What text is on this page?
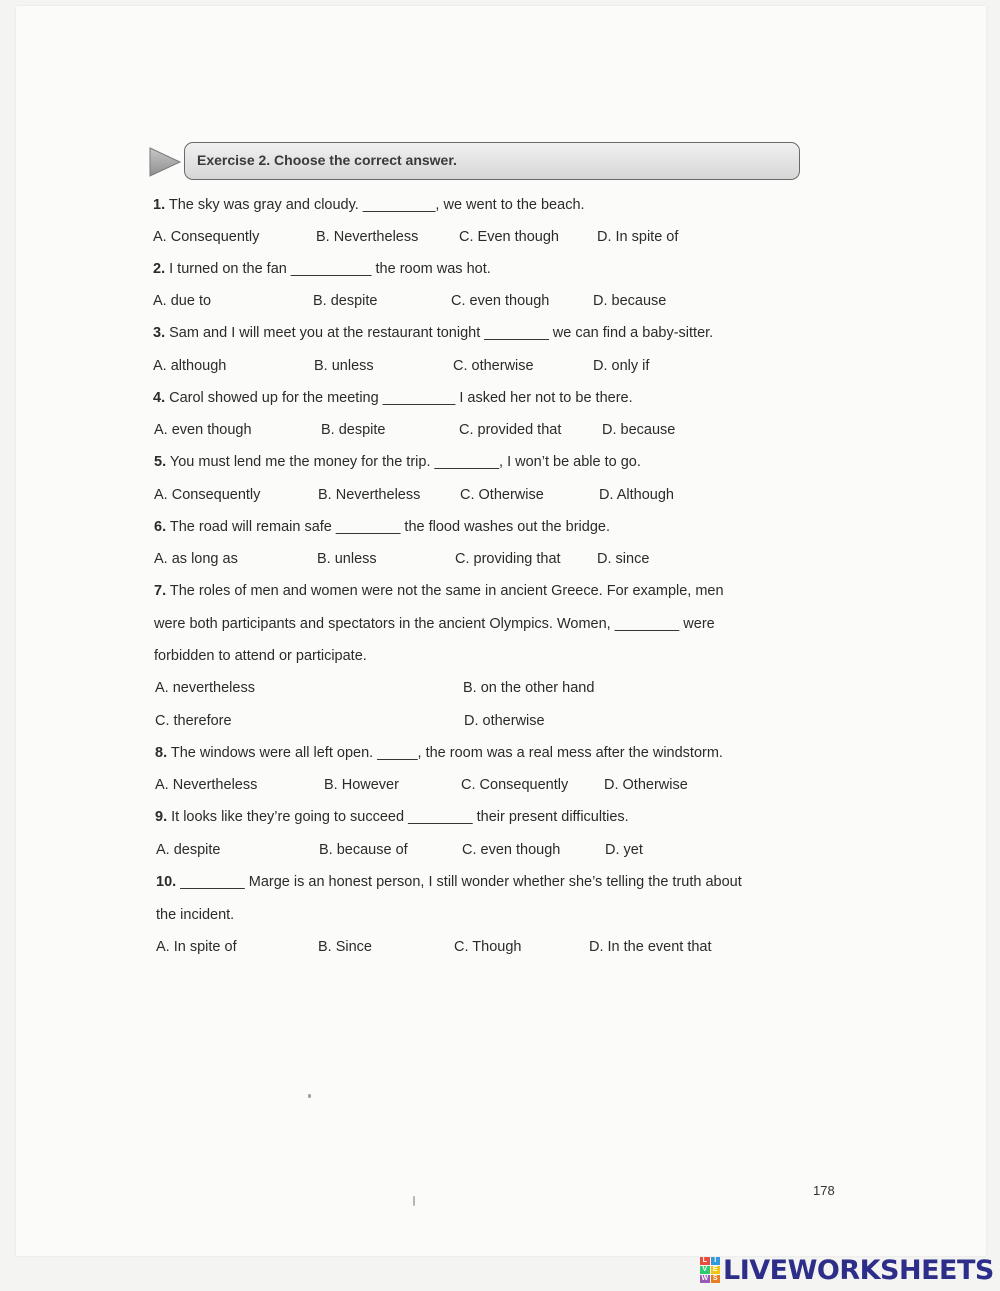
Exercise 2. Choose the correct answer.
1. The sky was gray and cloudy. _________, we went to the beach.
A. Consequently	B. Nevertheless	C. Even though	D. In spite of
2. I turned on the fan __________ the room was hot.
A. due to	B. despite	C. even though	D. because
3. Sam and I will meet you at the restaurant tonight ________ we can find a baby-sitter.
A. although	B. unless	C. otherwise	D. only if
4. Carol showed up for the meeting _________ I asked her not to be there.
A. even though	B. despite	C. provided that	D. because
5. You must lend me the money for the trip. ________, I won’t be able to go.
A. Consequently	B. Nevertheless	C. Otherwise	D. Although
6. The road will remain safe ________ the flood washes out the bridge.
A. as long as	B. unless	C. providing that	D. since
7. The roles of men and women were not the same in ancient Greece. For example, men
were both participants and spectators in the ancient Olympics. Women, ________ were
forbidden to attend or participate.
A. nevertheless	B. on the other hand
C. therefore	D. otherwise
8. The windows were all left open. _____, the room was a real mess after the windstorm.
A. Nevertheless	B. However	C. Consequently D. Otherwise
9. It looks like they’re going to succeed ________ their present difficulties.
A. despite	B. because of	C. even though	D. yet
10. ________ Marge is an honest person, I still wonder whether she’s telling the truth about
the incident.
A. In spite of	B. Since	C. Though	D. In the event that
178
L	I
V E
W S LIVEWORKSHEETS
